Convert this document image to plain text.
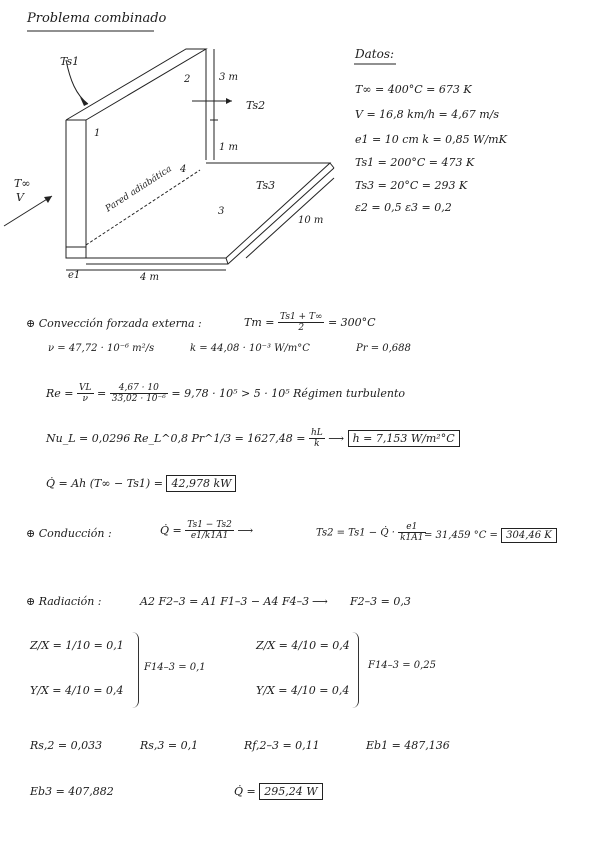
Problema combinado
Ts1
Ts2
Ts3
T∞
V
1
2
3
4
3 m
1 m
4 m
10 m
e1
Pared adiabática
Datos:
T∞ = 400°C = 673 K
V = 16,8 km/h = 4,67 m/s
e1 = 10 cm k = 0,85 W/mK
Ts1 = 200°C = 473 K
Ts3 = 20°C = 293 K
ε2 = 0,5 ε3 = 0,2
⊕ Convección forzada externa :	$Tm = \frac{Ts1 + T\infty}{2} = 300^\circ C$
ν = 47,72 · 10⁻⁶ m²/s	k = 44,08 · 10⁻³ W/m°C	Pr = 0,688
$Re = \frac{VL}{\nu} = \frac{4,67 \cdot 10}{\text{33,02 · 10⁻⁶}} = 9,78 \cdot 10^5 > 5 \cdot 10^5$ Régimen turbulento
Nu_L = 0,0296 Re_L^0,8 Pr^1/3 = $1627,48 = \frac{hL}{k}$ ⟶ h = 7,153 W/m²°C
Q̇ = Ah (T∞ − Ts1) = 42,978 kW
⊕ Conducción :	Q̇ = $\frac{Ts1 - Ts2}{e1/k1A1}$ ⟶	Ts2 = Ts1 − Q̇ · $\frac{e1}{k1A1}$
= 31,459 °C = 304,46 K
⊕ Radiación :	A2 F2–3 = A1 F1–3 − A4 F4–3 ⟶ F2–3 = 0,3
Z/X = 1/10 = 0,1
Y/X = 4/10 = 0,4
F14–3 = 0,1
Z/X = 4/10 = 0,4
Y/X = 4/10 = 0,4
F14–3 = 0,25
Rs,2 = 0,033	Rs,3 = 0,1	Rf,2–3 = 0,11	Eb1 = 487,136
Eb3 = 407,882	Q̇ = 295,24 W
